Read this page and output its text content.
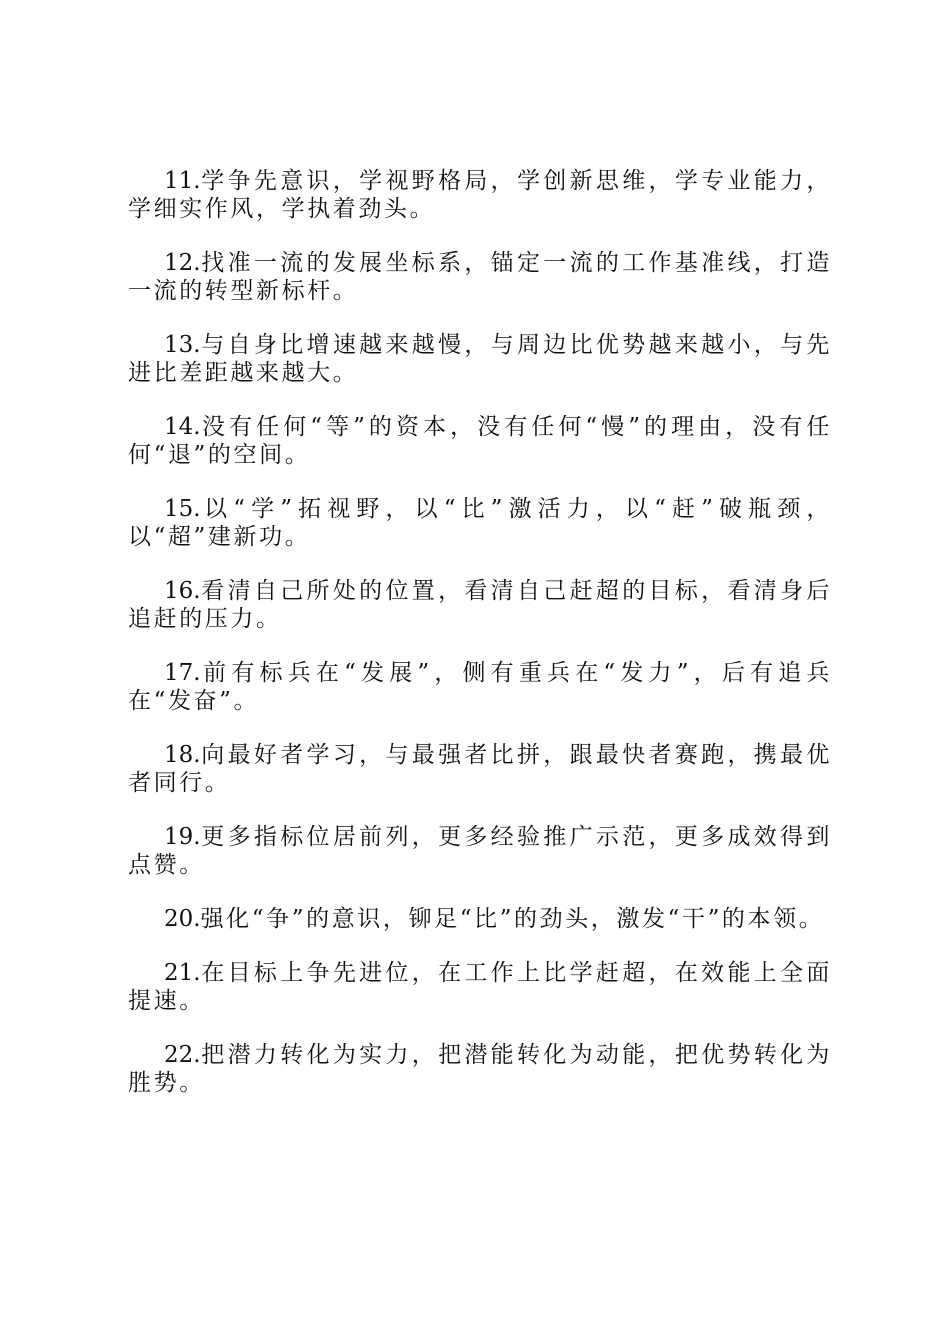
11.学争先意识，学视野格局，学创新思维，学专业能力，学细实作风，学执着劲头。

12.找准一流的发展坐标系，锚定一流的工作基准线，打造一流的转型新标杆。

13.与自身比增速越来越慢，与周边比优势越来越小，与先进比差距越来越大。

14.没有任何“等”的资本，没有任何“慢”的理由，没有任何“退”的空间。

15.以“学”拓视野，以“比”激活力，以“赶”破瓶颈，以“超”建新功。

16.看清自己所处的位置，看清自己赶超的目标，看清身后追赶的压力。

17.前有标兵在“发展”，侧有重兵在“发力”，后有追兵在“发奋”。

18.向最好者学习，与最强者比拼，跟最快者赛跑，携最优者同行。

19.更多指标位居前列，更多经验推广示范，更多成效得到点赞。

20.强化“争”的意识，铆足“比”的劲头，激发“干”的本领。

21.在目标上争先进位，在工作上比学赶超，在效能上全面提速。

22.把潜力转化为实力，把潜能转化为动能，把优势转化为胜势。
